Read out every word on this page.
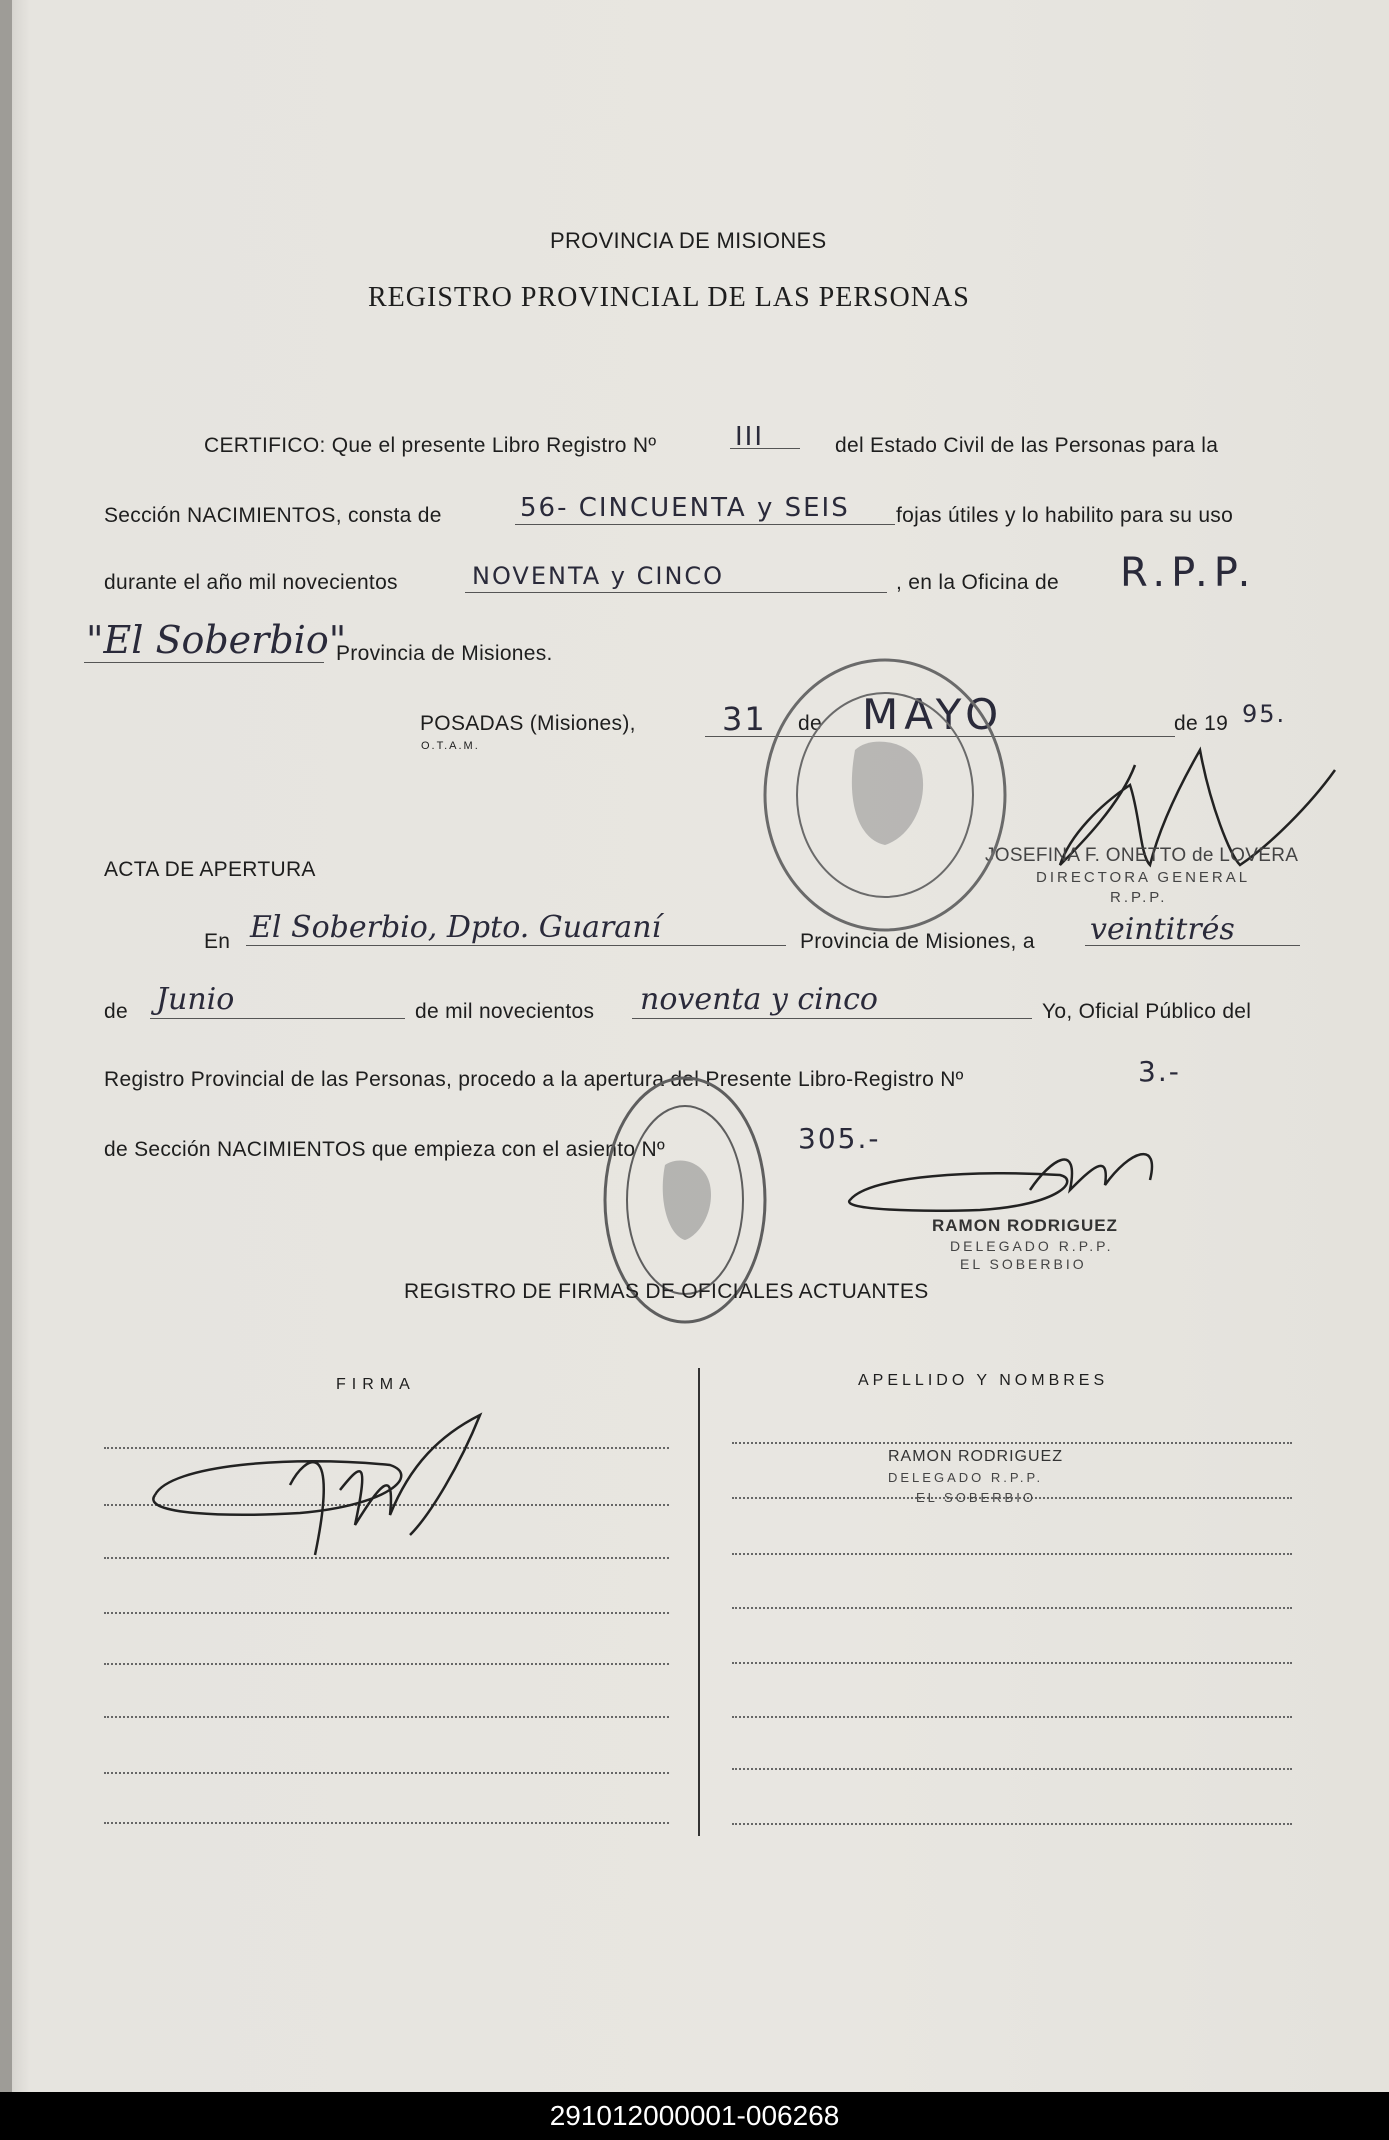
PROVINCIA DE MISIONES
REGISTRO PROVINCIAL DE LAS PERSONAS
CERTIFICO: Que el presente Libro Registro Nº	III	del Estado Civil de las Personas para la
Sección NACIMIENTOS, consta de	56- CINCUENTA y SEIS fojas útiles y lo habilito para su uso
durante el año mil novecientos	NOVENTA y CINCO	, en la Oficina de R.P.P.
"El Soberbio"
Provincia de Misiones.
POSADAS (Misiones),
O.T.A.M.
31 de MAYO	de 19 95.
JOSEFINA F. ONETTO de LOVERA
DIRECTORA GENERAL
R.P.P.
ACTA DE APERTURA
En El Soberbio, Dpto. Guaraní	Provincia de Misiones, a veintitrés
de Junio	de mil novecientos noventa y cinco	Yo, Oficial Público del
Registro Provincial de las Personas, procedo a la apertura del Presente Libro-Registro Nº	3.-
de Sección NACIMIENTOS que empieza con el asiento Nº	305.-
RAMON RODRIGUEZ
DELEGADO R.P.P.
EL SOBERBIO
REGISTRO DE FIRMAS DE OFICIALES ACTUANTES
FIRMA	APELLIDO Y NOMBRES
RAMON RODRIGUEZ
DELEGADO R.P.P.
EL SOBERBIO
291012000001-006268
